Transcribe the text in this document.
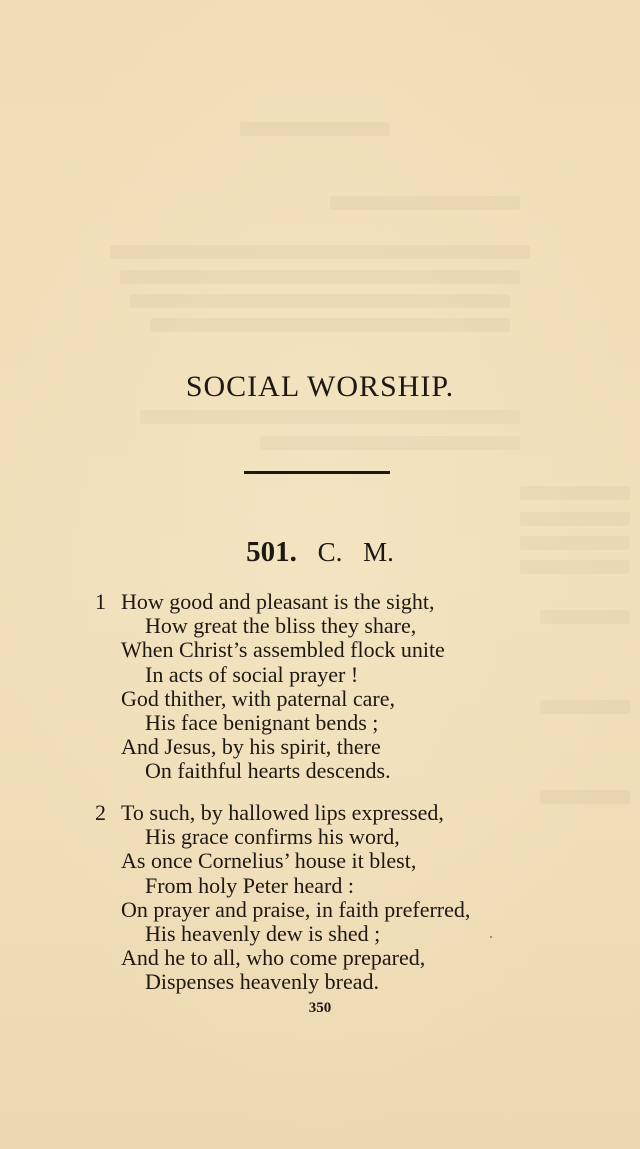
SOCIAL WORSHIP.
501. C. M.
1 How good and pleasant is the sight,
How great the bliss they share,
When Christ’s assembled flock unite
In acts of social prayer !
God thither, with paternal care,
His face benignant bends ;
And Jesus, by his spirit, there
On faithful hearts descends.
2 To such, by hallowed lips expressed,
His grace confirms his word,
As once Cornelius’ house it blest,
From holy Peter heard :
On prayer and praise, in faith preferred,
His heavenly dew is shed ;
And he to all, who come prepared,
Dispenses heavenly bread.
350
